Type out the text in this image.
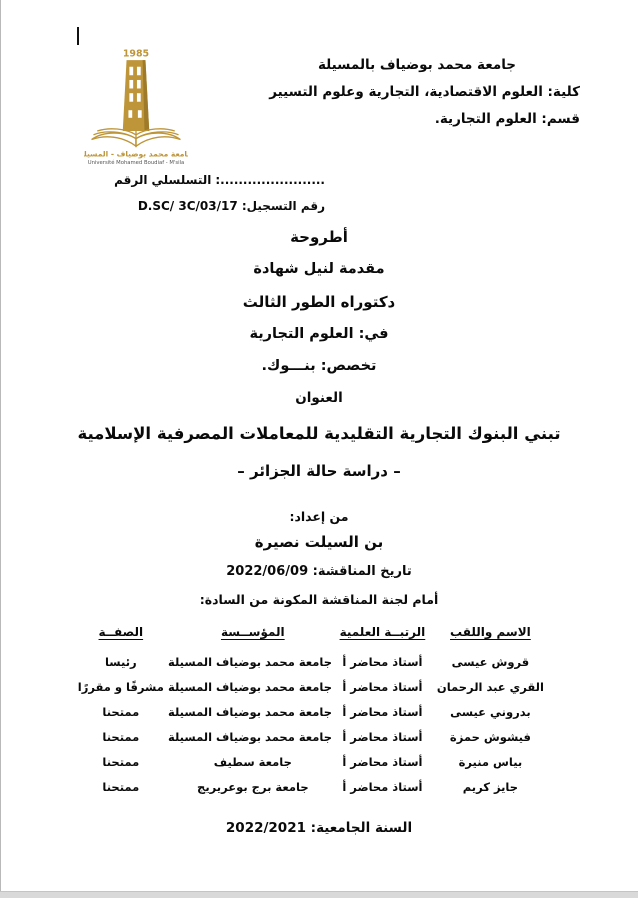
1985
جامعة محمد بوضياف - المسيلة
Université Mohamed Boudiaf - M'sila
جامعة محمد بوضياف بالمسيلة
كلية: العلوم الاقتصادية، التجارية وعلوم التسيير
قسم: العلوم التجارية.
الرقم التسلسلي :.......................
رقم التسجيل: D.SC/ 3C/03/17
أطروحة
مقدمة لنيل شهادة
دكتوراه الطور الثالث
في: العلوم التجارية
تخصص: بنـــوك.
العنوان
تبني البنوك التجارية التقليدية للمعاملات المصرفية الإسلامية
– دراسة حالة الجزائر –
من إعداد:
بن السيلت نصيرة
تاريخ المناقشة: 2022/06/09
أمام لجنة المناقشة المكونة من السادة:
الاسم واللقب	الرتبــة العلمية	المؤســسة	الصفــة
قروش عيسى	أستاذ محاضر أ	جامعة محمد بوضياف المسيلة	رئيسا
القري عبد الرحمان	أستاذ محاضر أ	جامعة محمد بوضياف المسيلة	مشرفًا و مقررًا
بدروني عيسى	أستاذ محاضر أ	جامعة محمد بوضياف المسيلة	ممتحنا
فيشوش حمزة	أستاذ محاضر أ	جامعة محمد بوضياف المسيلة	ممتحنا
بياس منيرة	أستاذ محاضر أ	جامعة سطيف	ممتحنا
جايز كريم	أستاذ محاضر أ	جامعة برج بوعريريج	ممتحنا
السنة الجامعية: 2022/2021
